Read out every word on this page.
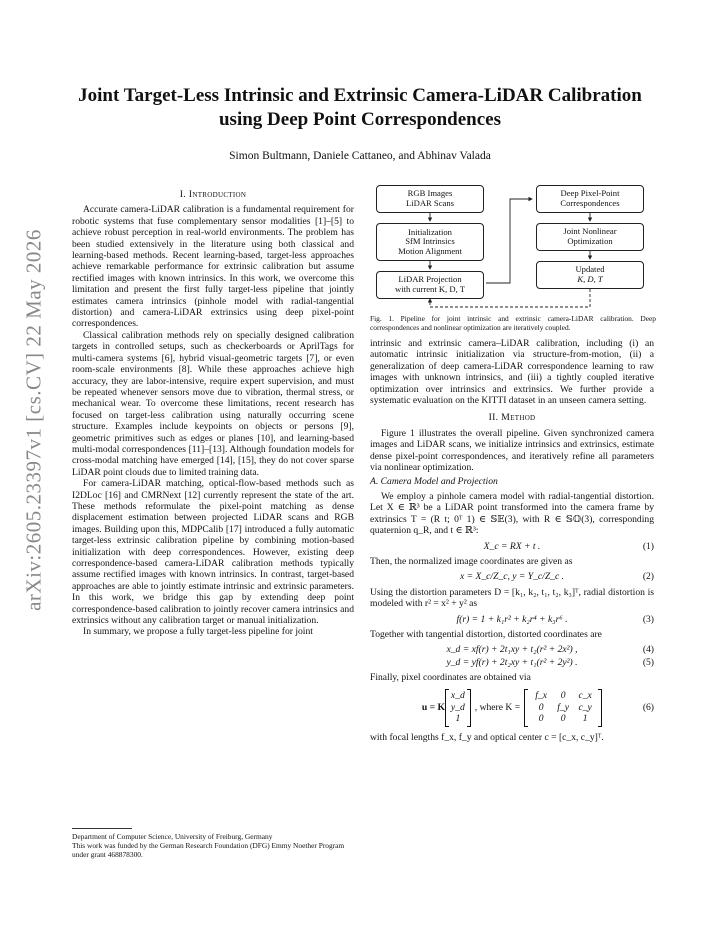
arXiv:2605.23397v1 [cs.CV] 22 May 2026
Joint Target-Less Intrinsic and Extrinsic Camera-LiDAR Calibration using Deep Point Correspondences
Simon Bultmann, Daniele Cattaneo, and Abhinav Valada
I. Introduction

Accurate camera-LiDAR calibration is a fundamental requirement for robotic systems that fuse complementary sensor modalities [1]–[5] to achieve robust perception in real-world environments. The problem has been studied extensively in the literature using both classical and learning-based methods. Recent learning-based, target-less approaches achieve remarkable performance for extrinsic calibration but assume rectified images with known intrinsics. In this work, we overcome this limitation and present the first fully target-less pipeline that jointly estimates camera intrinsics (pinhole model with radial-tangential distortion) and camera-LiDAR extrinsics using deep pixel-point correspondences.

Classical calibration methods rely on specially designed calibration targets in controlled setups, such as checkerboards or AprilTags for multi-camera systems [6], hybrid visual-geometric targets [7], or even room-scale environments [8]. While these approaches achieve high accuracy, they are labor-intensive, require expert supervision, and must be repeated whenever sensors move due to vibration, thermal stress, or mechanical wear. To overcome these limitations, recent research has focused on target-less calibration using naturally occurring scene structure. Examples include keypoints on objects or persons [9], geometric primitives such as edges or planes [10], and learning-based multi-modal correspondences [11]–[13]. Although foundation models for cross-modal matching have emerged [14], [15], they do not cover sparse LiDAR point clouds due to limited training data.

For camera-LiDAR matching, optical-flow-based methods such as I2DLoc [16] and CMRNext [12] currently represent the state of the art. These methods reformulate the pixel-point matching as dense displacement estimation between projected LiDAR scans and RGB images. Building upon this, MDPCalib [17] introduced a fully automatic target-less extrinsic calibration pipeline by combining motion-based initialization with deep correspondences. However, existing deep correspondence-based camera-LiDAR calibration methods typically assume rectified images with known intrinsics. In contrast, target-based approaches are able to jointly estimate intrinsic and extrinsic parameters. In this work, we bridge this gap by extending deep point correspondence-based calibration to jointly recover camera intrinsics and extrinsics without any calibration target or manual initialization.

In summary, we propose a fully target-less pipeline for joint

Department of Computer Science, University of Freiburg, Germany
This work was funded by the German Research Foundation (DFG) Emmy Noether Program under grant 468878300.
RGB Images
LiDAR Scans
Initialization
SfM Intrinsics
Motion Alignment
LiDAR Projection
with current K, D, T
Deep Pixel-Point
Correspondences
Joint Nonlinear
Optimization
Updated
K, D, T
Fig. 1. Pipeline for joint intrinsic and extrinsic camera-LiDAR calibration. Deep correspondences and nonlinear optimization are iteratively coupled.

intrinsic and extrinsic camera–LiDAR calibration, including (i) an automatic intrinsic initialization via structure-from-motion, (ii) a generalization of deep camera-LiDAR correspondence learning to raw images with unknown intrinsics, and (iii) a tightly coupled iterative optimization over intrinsics and extrinsics. We further provide a systematic evaluation on the KITTI dataset in an unseen camera setting.

II. Method

Figure 1 illustrates the overall pipeline. Given synchronized camera images and LiDAR scans, we initialize intrinsics and extrinsics, estimate dense pixel-point correspondences, and iteratively refine all parameters via nonlinear optimization.

A. Camera Model and Projection

We employ a pinhole camera model with radial-tangential distortion. Let X ∈ ℝ³ be a LiDAR point transformed into the camera frame by extrinsics T = (R t; 0ᵀ 1) ∈ 𝕊𝔼(3), with R ∈ 𝕊𝕆(3), corresponding quaternion q_R, and t ∈ ℝ³:

X_c = RX + t .	(1)

Then, the normalized image coordinates are given as

x = X_c/Z_c, y = Y_c/Z_c .	(2)

Using the distortion parameters D = [k₁, k₂, t₁, t₂, k₃]ᵀ, radial distortion is modeled with r² = x² + y² as

f(r) = 1 + k₁r² + k₂r⁴ + k₃r⁶ .	(3)

Together with tangential distortion, distorted coordinates are

x_d = xf(r) + 2t₁xy + t₂(r² + 2x²) ,	(4)
y_d = yf(r) + 2t₂xy + t₁(r² + 2y²) .	(5)

Finally, pixel coordinates are obtained via

u = K
x_d
y_d
1
, where K =
f_x	0	c_x
0	f_y c_y
0	0	1
(6)

with focal lengths f_x, f_y and optical center c = [c_x, c_y]ᵀ.
